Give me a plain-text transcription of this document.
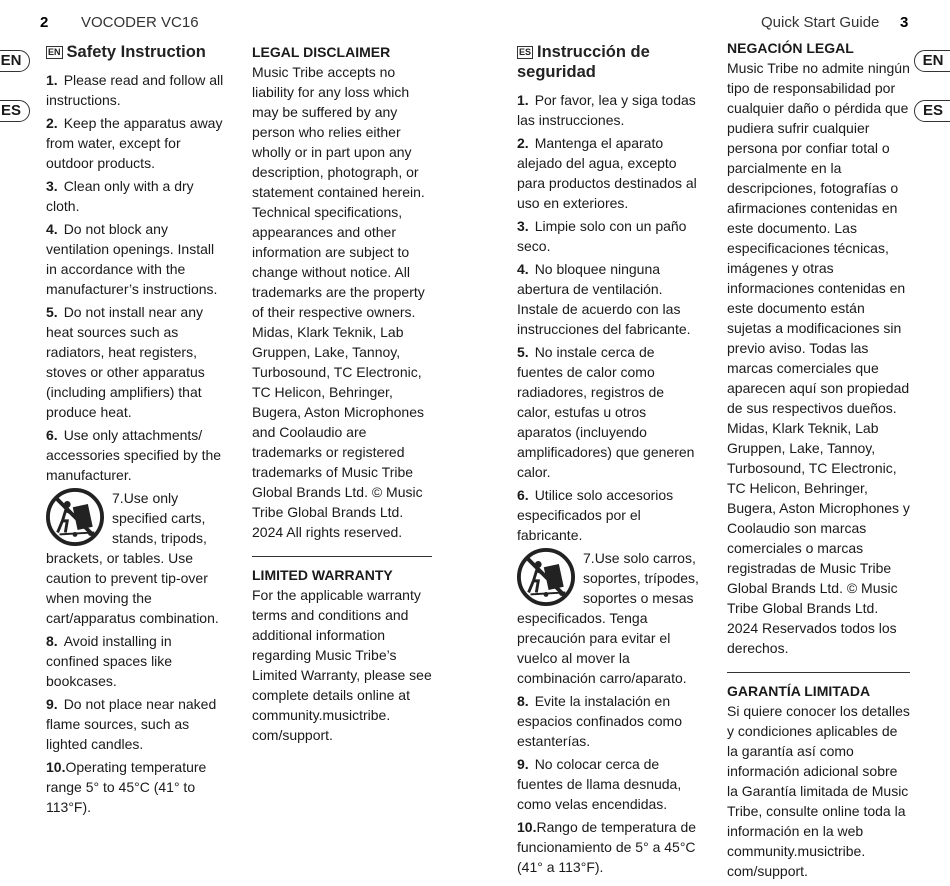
2 VOCODER VC16	Quick Start Guide 3
EN
ES
EN
ES
EN Safety Instruction
1. Please read and follow all instructions.
2. Keep the apparatus away from water, except for outdoor products.
3. Clean only with a dry cloth.
4. Do not block any ventilation openings. Install in accordance with the manufacturer’s instructions.
5. Do not install near any heat sources such as radiators, heat registers, stoves or other apparatus (including amplifiers) that produce heat.
6. Use only attachments/ accessories specified by the manufacturer.
7.Use only specified carts, stands, tripods, brackets, or tables. Use caution to prevent tip-over when moving the cart/apparatus combination.
8. Avoid installing in confined spaces like bookcases.
9. Do not place near naked flame sources, such as lighted candles.
10.Operating temperature range 5° to 45°C (41° to 113°F).
LEGAL DISCLAIMER

Music Tribe accepts no liability for any loss which may be suffered by any person who relies either wholly or in part upon any description, photograph, or statement contained herein. Technical specifications, appearances and other information are subject to change without notice. All trademarks are the property of their respective owners. Midas, Klark Teknik, Lab Gruppen, Lake, Tannoy, Turbosound, TC Electronic, TC Helicon, Behringer, Bugera, Aston Microphones and Coolaudio are trademarks or registered trademarks of Music Tribe Global Brands Ltd. © Music Tribe Global Brands Ltd. 2024 All rights reserved.

LIMITED WARRANTY

For the applicable warranty terms and conditions and additional information regarding Music Tribe’s Limited Warranty, please see complete details online at community.musictribe. com/support.

ES Instrucción de seguridad
1. Por favor, lea y siga todas las instrucciones.
2. Mantenga el aparato alejado del agua, excepto para productos destinados al uso en exteriores.
3. Limpie solo con un paño seco.
4. No bloquee ninguna abertura de ventilación. Instale de acuerdo con las instrucciones del fabricante.
5. No instale cerca de fuentes de calor como radiadores, registros de calor, estufas u otros aparatos (incluyendo amplificadores) que generen calor.
6. Utilice solo accesorios especificados por el fabricante.
7.Use solo carros, soportes, trípodes, soportes o mesas especificados. Tenga precaución para evitar el vuelco al mover la combinación carro/aparato.
8. Evite la instalación en espacios confinados como estanterías.
9. No colocar cerca de fuentes de llama desnuda, como velas encendidas.
10.Rango de temperatura de funcionamiento de 5° a 45°C (41° a 113°F).
NEGACIÓN LEGAL

Music Tribe no admite ningún tipo de responsabilidad por cualquier daño o pérdida que pudiera sufrir cualquier persona por confiar total o parcialmente en la descripciones, fotografías o afirmaciones contenidas en este documento. Las especificaciones técnicas, imágenes y otras informaciones contenidas en este documento están sujetas a modificaciones sin previo aviso. Todas las marcas comerciales que aparecen aquí son propiedad de sus respectivos dueños. Midas, Klark Teknik, Lab Gruppen, Lake, Tannoy, Turbosound, TC Electronic, TC Helicon, Behringer, Bugera, Aston Microphones y Coolaudio son marcas comerciales o marcas registradas de Music Tribe Global Brands Ltd. © Music Tribe Global Brands Ltd. 2024 Reservados todos los derechos.

GARANTÍA LIMITADA

Si quiere conocer los detalles y condiciones aplicables de la garantía así como información adicional sobre la Garantía limitada de Music Tribe, consulte online toda la información en la web community.musictribe. com/support.
